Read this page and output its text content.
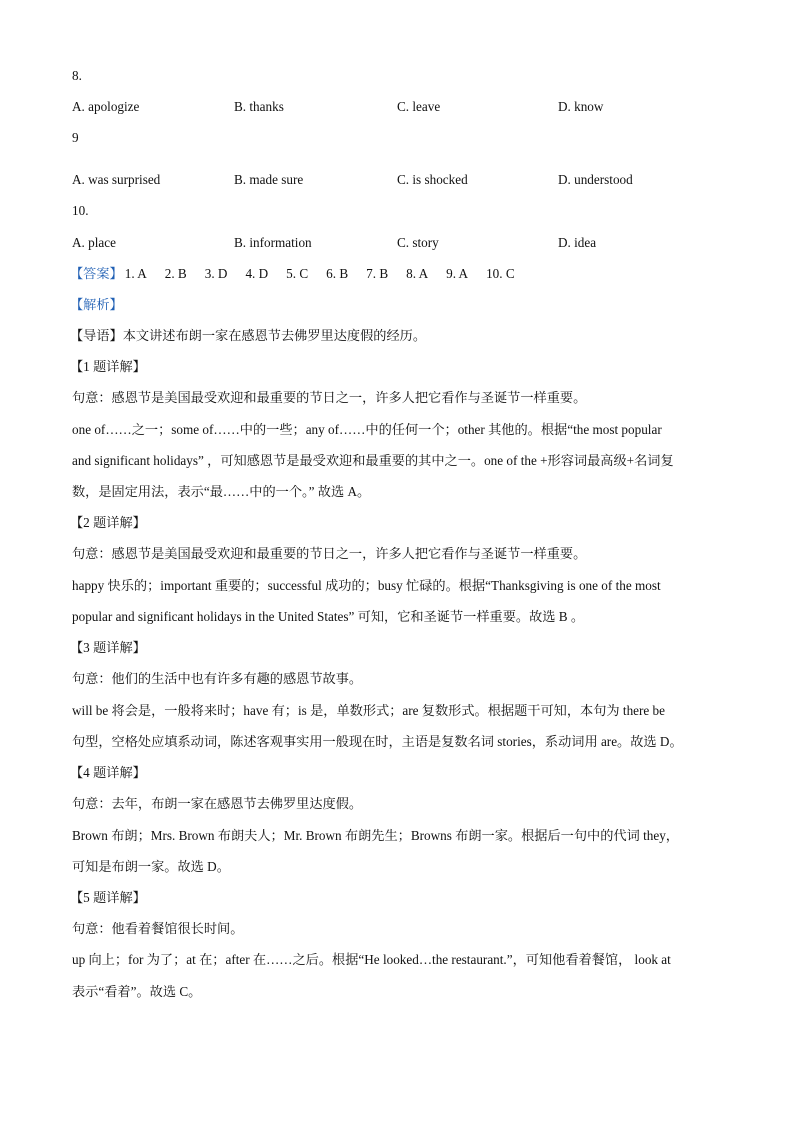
8.
A. apologize	B. thanks	C. leave	D. know
9
A. was surprised	B. made sure	C. is shocked	D. understood
10.
A. place	B. information	C. story	D. idea
【答案】 1. A 2. B 3. D 4. D 5. C 6. B 7. B 8. A 9. A 10. C
【解析】
【导语】本文讲述布朗一家在感恩节去佛罗里达度假的经历。
【1 题详解】
句意：感恩节是美国最受欢迎和最重要的节日之一，许多人把它看作与圣诞节一样重要。
one of……之一；some of……中的一些；any of……中的任何一个；other 其他的。根据“the most popular
and significant holidays” ，可知感恩节是最受欢迎和最重要的其中之一。one of the +形容词最高级+名词复
数，是固定用法，表示“最……中的一个。” 故选 A。
【2 题详解】
句意：感恩节是美国最受欢迎和最重要的节日之一，许多人把它看作与圣诞节一样重要。
happy 快乐的；important 重要的；successful 成功的；busy 忙碌的。根据“Thanksgiving is one of the most
popular and significant holidays in the United States” 可知，它和圣诞节一样重要。故选 B 。
【3 题详解】
句意：他们的生活中也有许多有趣的感恩节故事。
will be 将会是，一般将来时；have 有；is 是，单数形式；are 复数形式。根据题干可知，本句为 there be
句型，空格处应填系动词，陈述客观事实用一般现在时，主语是复数名词 stories，系动词用 are。故选 D。
【4 题详解】
句意：去年，布朗一家在感恩节去佛罗里达度假。
Brown 布朗；Mrs. Brown 布朗夫人；Mr. Brown 布朗先生；Browns 布朗一家。根据后一句中的代词 they，
可知是布朗一家。故选 D。
【5 题详解】
句意：他看着餐馆很长时间。
up 向上；for 为了；at 在；after 在……之后。根据“He looked…the restaurant.”，可知他看着餐馆， look at
表示“看着”。故选 C。
